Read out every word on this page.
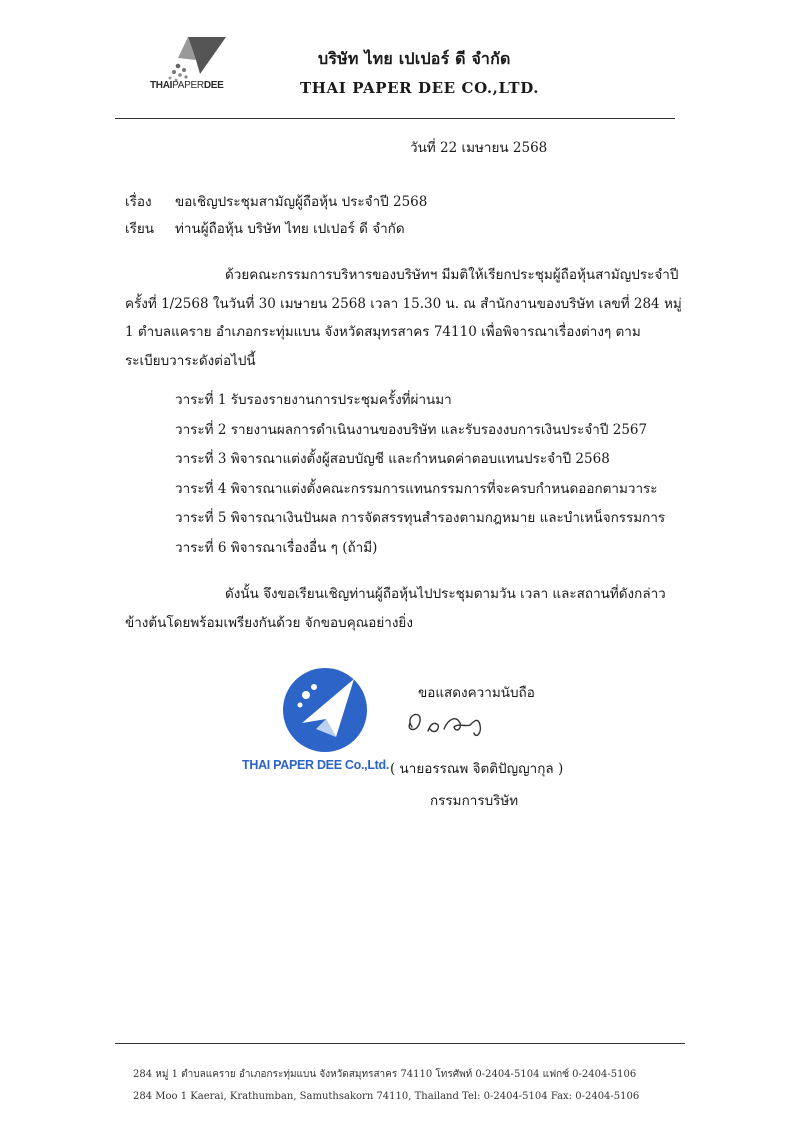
THAIPAPERDEE
บริษัท ไทย เปเปอร์ ดี จำกัด
THAI PAPER DEE CO.,LTD.
วันที่ 22 เมษายน 2568
เรื่อง ขอเชิญประชุมสามัญผู้ถือหุ้น ประจำปี 2568
เรียน ท่านผู้ถือหุ้น บริษัท ไทย เปเปอร์ ดี จำกัด
ด้วยคณะกรรมการบริหารของบริษัทฯ มีมติให้เรียกประชุมผู้ถือหุ้นสามัญประจำปี ครั้งที่ 1/2568 ในวันที่ 30 เมษายน 2568 เวลา 15.30 น. ณ สำนักงานของบริษัท เลขที่ 284 หมู่ 1 ตำบลแคราย อำเภอกระทุ่มแบน จังหวัดสมุทรสาคร 74110 เพื่อพิจารณาเรื่องต่างๆ ตามระเบียบวาระดังต่อไปนี้
วาระที่ 1 รับรองรายงานการประชุมครั้งที่ผ่านมา
วาระที่ 2 รายงานผลการดำเนินงานของบริษัท และรับรองงบการเงินประจำปี 2567
วาระที่ 3 พิจารณาแต่งตั้งผู้สอบบัญชี และกำหนดค่าตอบแทนประจำปี 2568
วาระที่ 4 พิจารณาแต่งตั้งคณะกรรมการแทนกรรมการที่จะครบกำหนดออกตามวาระ
วาระที่ 5 พิจารณาเงินปันผล การจัดสรรทุนสำรองตามกฎหมาย และบำเหน็จกรรมการ
วาระที่ 6 พิจารณาเรื่องอื่น ๆ (ถ้ามี)
ดังนั้น จึงขอเรียนเชิญท่านผู้ถือหุ้นไปประชุมตามวัน เวลา และสถานที่ดังกล่าวข้างต้นโดยพร้อมเพรียงกันด้วย จักขอบคุณอย่างยิ่ง
THAI PAPER DEE Co.,Ltd.
ขอแสดงความนับถือ
( นายอรรณพ จิตติปัญญากุล )
กรรมการบริษัท
284 หมู่ 1 ตำบลแคราย อำเภอกระทุ่มแบน จังหวัดสมุทรสาคร 74110 โทรศัพท์ 0-2404-5104 แฟกซ์ 0-2404-5106
284 Moo 1 Kaerai, Krathumban, Samuthsakorn 74110, Thailand Tel: 0-2404-5104 Fax: 0-2404-5106
